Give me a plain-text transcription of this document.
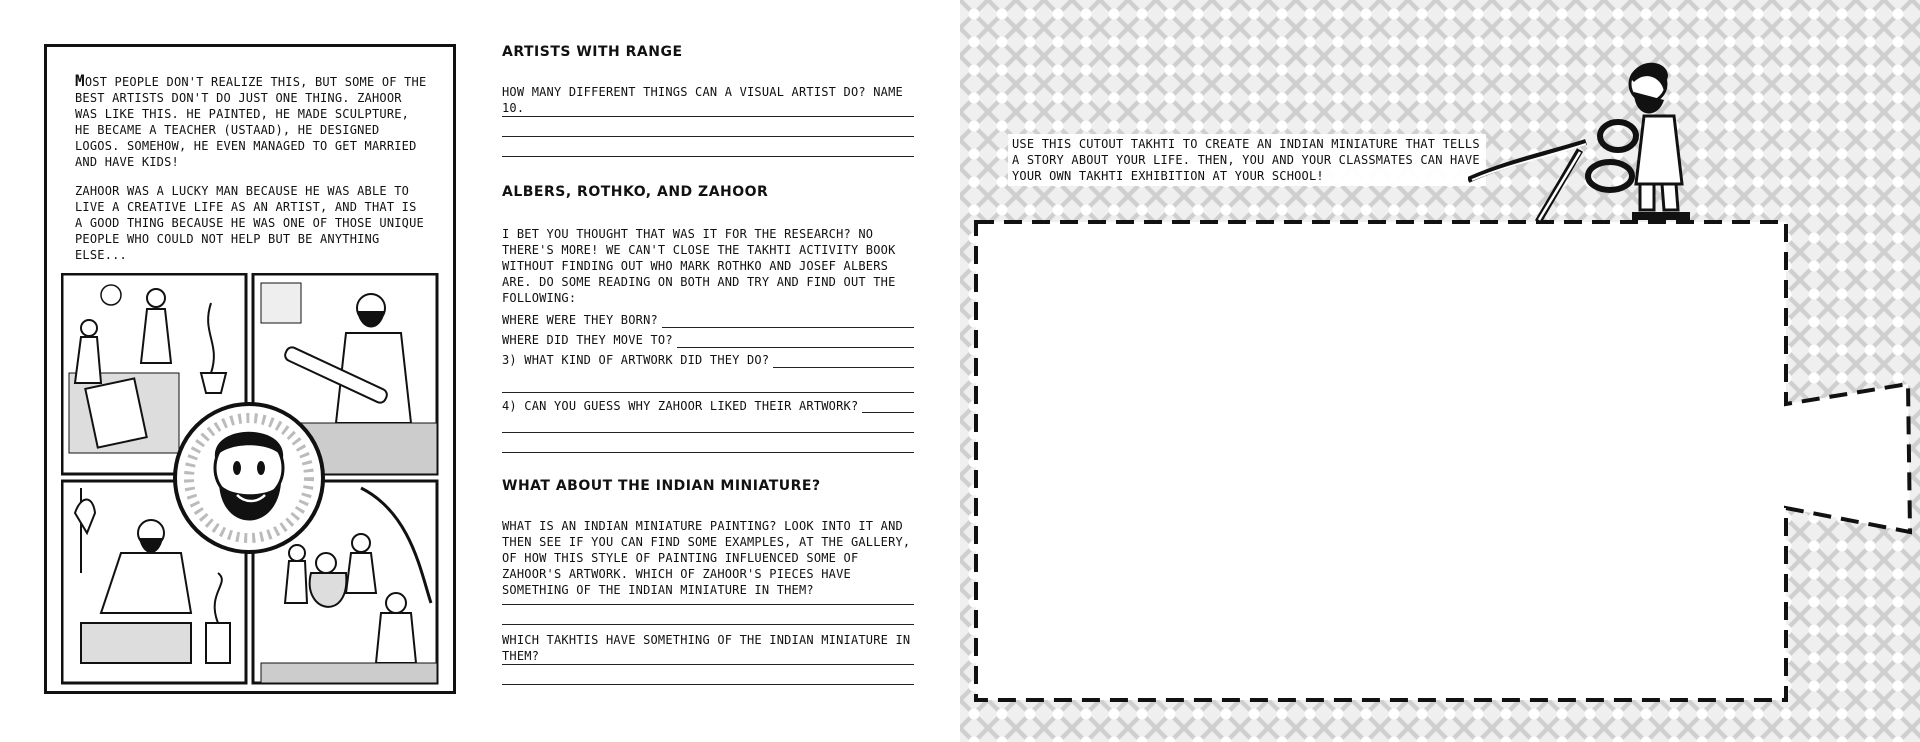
MOST PEOPLE DON'T REALIZE THIS, BUT SOME OF THE BEST ARTISTS DON'T DO JUST ONE THING. ZAHOOR WAS LIKE THIS. HE PAINTED, HE MADE SCULPTURE, HE BECAME A TEACHER (USTAAD), HE DESIGNED LOGOS. SOMEHOW, HE EVEN MANAGED TO GET MARRIED AND HAVE KIDS!

ZAHOOR WAS A LUCKY MAN BECAUSE HE WAS ABLE TO LIVE A CREATIVE LIFE AS AN ARTIST, AND THAT IS A GOOD THING BECAUSE HE WAS ONE OF THOSE UNIQUE PEOPLE WHO COULD NOT HELP BUT BE ANYTHING ELSE...

ARTISTS WITH RANGE

HOW MANY DIFFERENT THINGS CAN A VISUAL ARTIST DO? NAME 10.

ALBERS, ROTHKO, AND ZAHOOR

I BET YOU THOUGHT THAT WAS IT FOR THE RESEARCH? NO THERE'S MORE! WE CAN'T CLOSE THE TAKHTI ACTIVITY BOOK WITHOUT FINDING OUT WHO MARK ROTHKO AND JOSEF ALBERS ARE. DO SOME READING ON BOTH AND TRY AND FIND OUT THE FOLLOWING:

WHERE WERE THEY BORN?
WHERE DID THEY MOVE TO?
3) WHAT KIND OF ARTWORK DID THEY DO?

4) CAN YOU GUESS WHY ZAHOOR LIKED THEIR ARTWORK?

WHAT ABOUT THE INDIAN MINIATURE?

WHAT IS AN INDIAN MINIATURE PAINTING? LOOK INTO IT AND THEN SEE IF YOU CAN FIND SOME EXAMPLES, AT THE GALLERY, OF HOW THIS STYLE OF PAINTING INFLUENCED SOME OF ZAHOOR'S ARTWORK. WHICH OF ZAHOOR'S PIECES HAVE SOMETHING OF THE INDIAN MINIATURE IN THEM?

WHICH TAKHTIS HAVE SOMETHING OF THE INDIAN MINIATURE IN THEM?

USE THIS CUTOUT TAKHTI TO CREATE AN INDIAN MINIATURE THAT TELLS A STORY ABOUT YOUR LIFE. THEN, YOU AND YOUR CLASSMATES CAN HAVE YOUR OWN TAKHTI EXHIBITION AT YOUR SCHOOL!
